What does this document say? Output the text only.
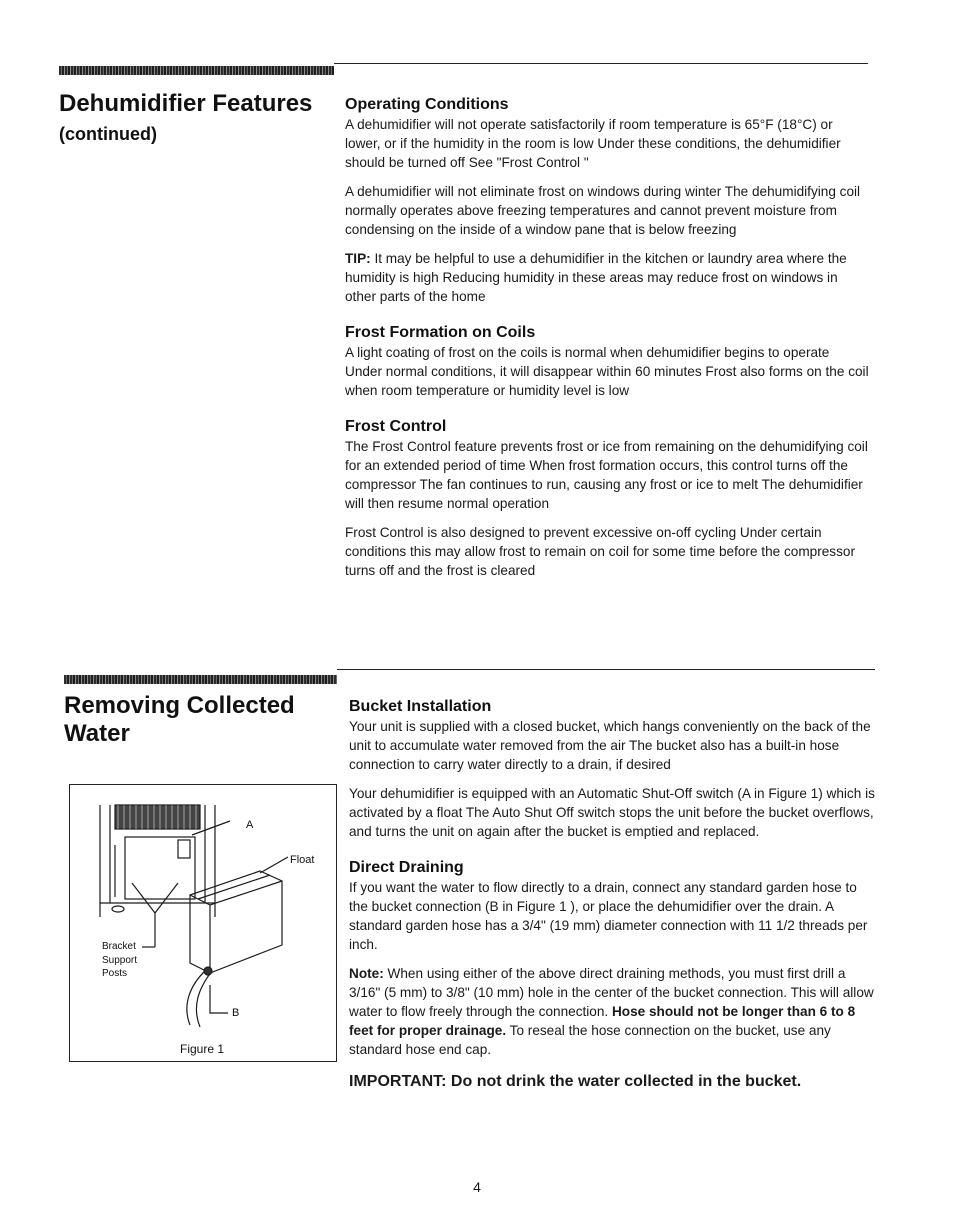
Dehumidifier Features
(continued)
Operating Conditions

A dehumidifier will not operate satisfactorily if room temperature is 65°F (18°C) or lower, or if the humidity in the room is low Under these conditions, the dehumidifier should be turned off See "Frost Control "

A dehumidifier will not eliminate frost on windows during winter The dehumidifying coil normally operates above freezing temperatures and cannot prevent moisture from condensing on the inside of a window pane that is below freezing

TIP: It may be helpful to use a dehumidifier in the kitchen or laundry area where the humidity is high Reducing humidity in these areas may reduce frost on windows in other parts of the home

Frost Formation on Coils

A light coating of frost on the coils is normal when dehumidifier begins to operate Under normal conditions, it will disappear within 60 minutes Frost also forms on the coil when room temperature or humidity level is low

Frost Control

The Frost Control feature prevents frost or ice from remaining on the dehumidifying coil for an extended period of time When frost formation occurs, this control turns off the compressor The fan continues to run, causing any frost or ice to melt The dehumidifier will then resume normal operation

Frost Control is also designed to prevent excessive on-off cycling Under certain conditions this may allow frost to remain on coil for some time before the compressor turns off and the frost is cleared

Removing Collected
Water
Bucket Installation

Your unit is supplied with a closed bucket, which hangs conveniently on the back of the unit to accumulate water removed from the air The bucket also has a built-in hose connection to carry water directly to a drain, if desired

Your dehumidifier is equipped with an Automatic Shut-Off switch (A in Figure 1) which is activated by a float The Auto Shut Off switch stops the unit before the bucket overflows, and turns the unit on again after the bucket is emptied and replaced.

Direct Draining

If you want the water to flow directly to a drain, connect any standard garden hose to the bucket connection (B in Figure 1 ), or place the dehumidifier over the drain. A standard garden hose has a 3/4" (19 mm) diameter connection with 11 1/2 threads per inch.

Note: When using either of the above direct draining methods, you must first drill a 3/16" (5 mm) to 3/8" (10 mm) hole in the center of the bucket connection. This will allow water to flow freely through the connection. Hose should not be longer than 6 to 8 feet for proper drainage. To reseal the hose connection on the bucket, use any standard hose end cap.

IMPORTANT: Do not drink the water collected in the bucket.
A
Float
Bracket
Support
Posts
B
Figure 1
4
